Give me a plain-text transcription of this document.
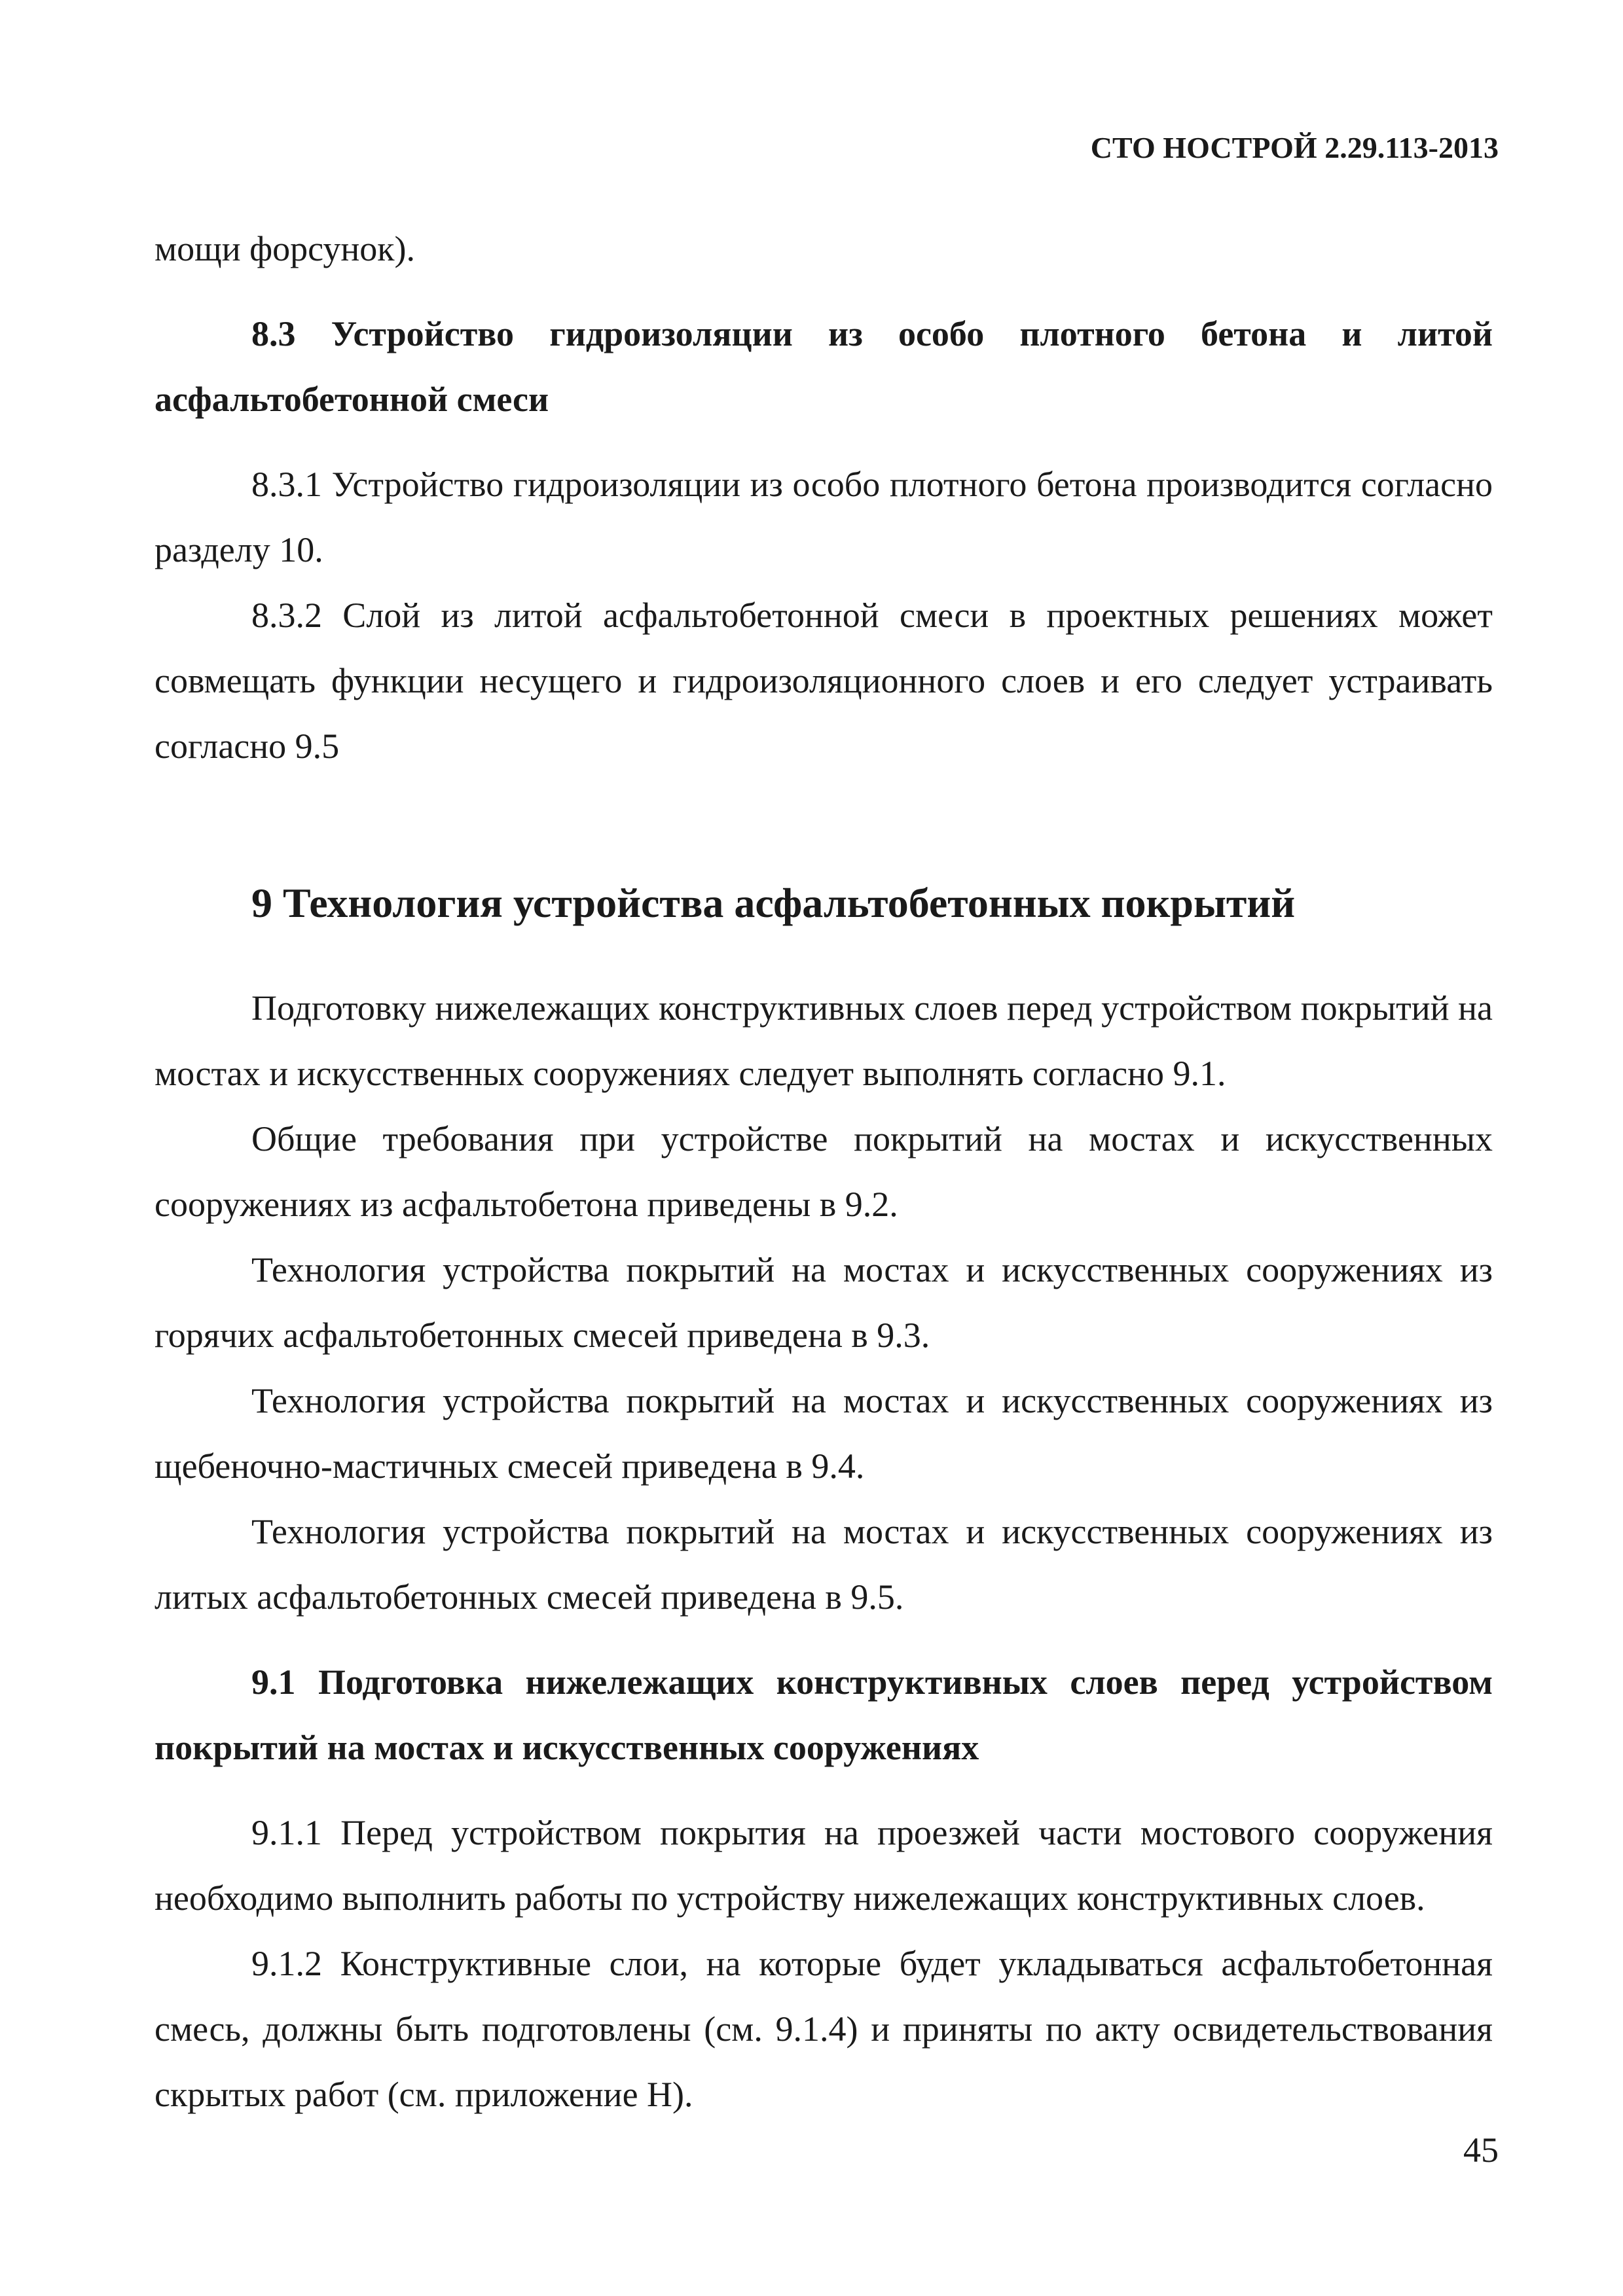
СТО НОСТРОЙ 2.29.113-2013

мощи форсунок).

8.3 Устройство гидроизоляции из особо плотного бетона и литой асфальтобетонной смеси

8.3.1 Устройство гидроизоляции из особо плотного бетона производится согласно разделу 10.

8.3.2 Слой из литой асфальтобетонной смеси в проектных решениях может совмещать функции несущего и гидроизоляционного слоев и его следует устраивать согласно 9.5

9 Технология устройства асфальтобетонных покрытий

Подготовку нижележащих конструктивных слоев перед устройством покрытий на мостах и искусственных сооружениях следует выполнять согласно 9.1.

Общие требования при устройстве покрытий на мостах и искусственных сооружениях из асфальтобетона приведены в 9.2.

Технология устройства покрытий на мостах и искусственных сооружениях из горячих асфальтобетонных смесей приведена в 9.3.

Технология устройства покрытий на мостах и искусственных сооружениях из щебеночно-мастичных смесей приведена в 9.4.

Технология устройства покрытий на мостах и искусственных сооружениях из литых асфальтобетонных смесей приведена в 9.5.

9.1 Подготовка нижележащих конструктивных слоев перед устройством покрытий на мостах и искусственных сооружениях

9.1.1 Перед устройством покрытия на проезжей части мостового сооружения необходимо выполнить работы по устройству нижележащих конструктивных слоев.

9.1.2 Конструктивные слои, на которые будет укладываться асфальтобетонная смесь, должны быть подготовлены (см. 9.1.4) и приняты по акту освидетельствования скрытых работ (см. приложение Н).

45
